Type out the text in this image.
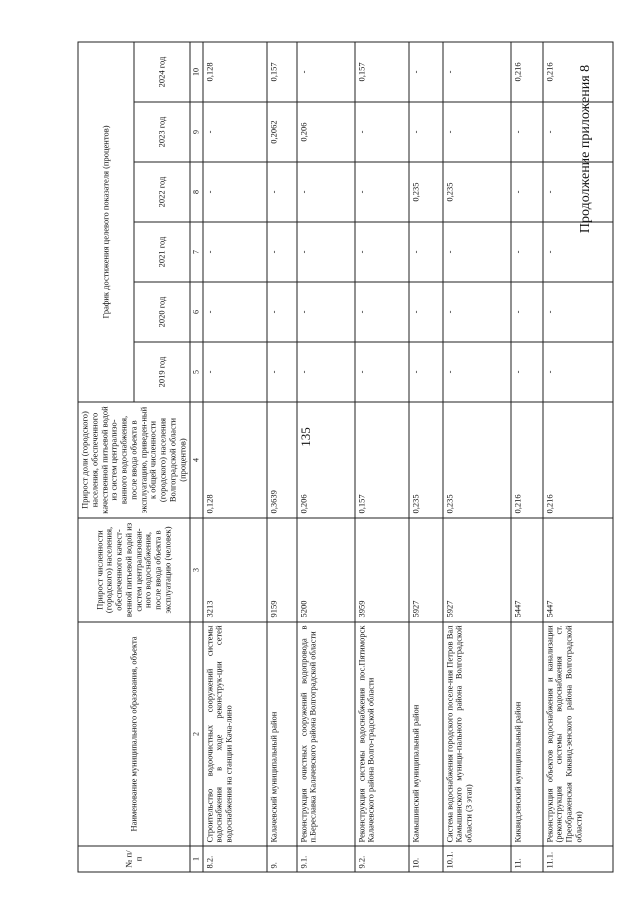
135
Продолжение приложения 8
№ п/п	Наименование муниципального образования, объекта	Прирост численности (городского) населения, обеспеченного качест-венной питьевой водой из систем централизован-ного водоснабжения, после ввода объекта в эксплуатацию (человек)	Прирост доли (городского) населения, обеспеченного качественной питьевой водой из систем централизо-ванного водоснабжения, после ввода объекта в эксплуатацию, приведен-ный к общей численности (городского) населения Волгоградской области (процентов)	График достижения целевого показателя (процентов)					
				2019 год	2020 год	2021 год	2022 год	2023 год	2024 год
1	2	3	4	5	6	7	8	9	10
8.2.	Строительство водоочистных сооружений системы водоснабжения в ходе реконструк-ции сетей водоснабжения на станции Кача-лино	3213	0,128	-	-	-	-	-	0,128
9.	Калачевский муниципальный район	9159	0,3639	-	-	-	-	0,2062	0,157
9.1.	Реконструкция очистных сооружений водопровода в п.Береславка Калачевского района Волгоградской области	5200	0,206	-	-	-	-	0,206	-
9.2.	Реконструкция системы водоснабжения пос.Пятиморск Калачевского района Волго-градской области	3959	0,157	-	-	-	-	-	0,157
10.	Камышинский муниципальный район	5927	0,235	-	-	-	0,235	-	-
10.1.	Система водоснабжения городского поселе-ния Петров Вал Камышинского муници-пального района Волгоградской области (3 этап)	5927	0,235	-	-	-	0,235	-	-
11.	Киквидзенский муниципальный район	5447	0,216	-	-	-	-	-	0,216
11.1.	Реконструкция объектов водоснабжения и канализации (реконструкция системы водоснабжения ст. Преображенская Киквид-зенского района Волгоградской области)	5447	0,216	-	-	-	-	-	0,216
